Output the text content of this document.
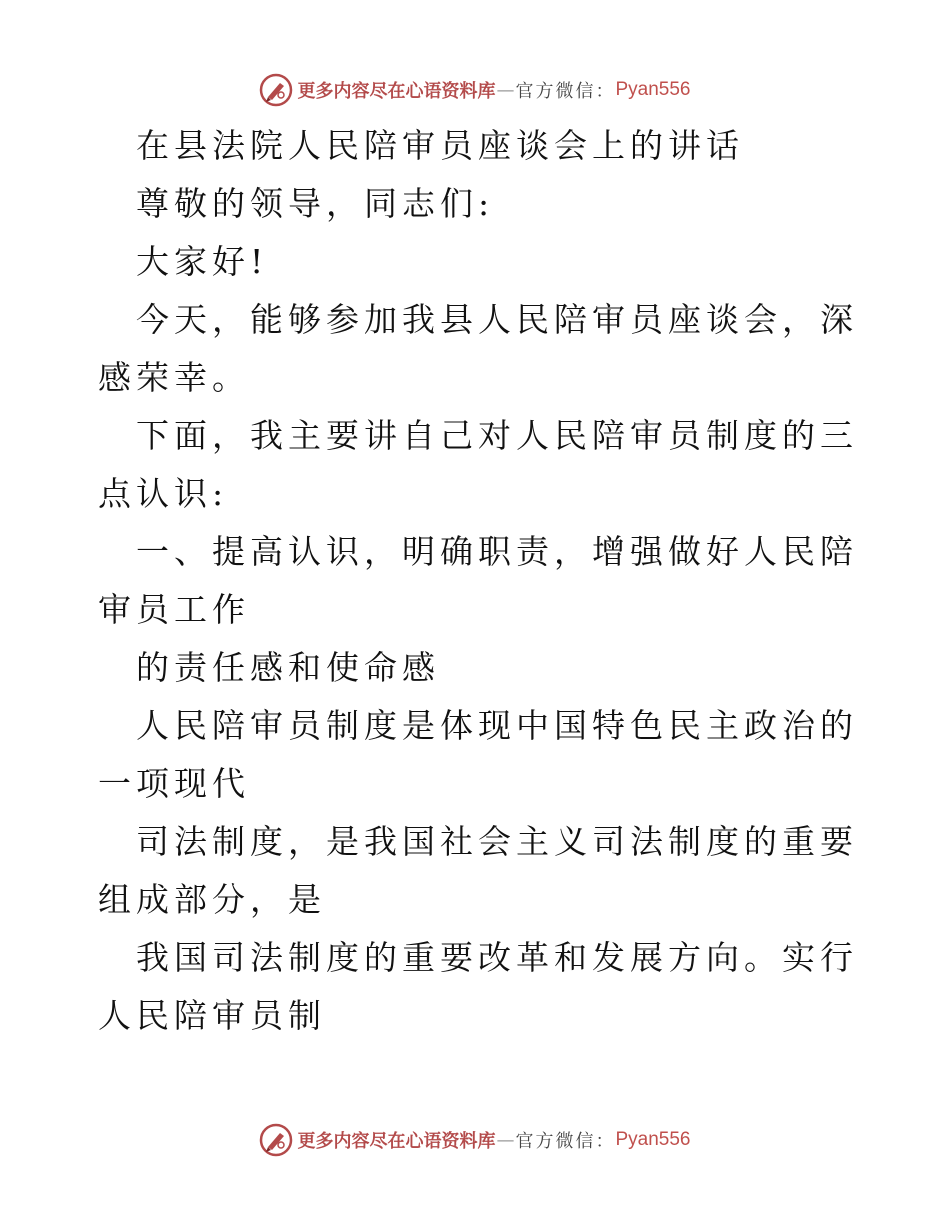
更多内容尽在心语资料库 — 官方微信： Pyan556

在县法院人民陪审员座谈会上的讲话

尊敬的领导，同志们:

大家好!

今天，能够参加我县人民陪审员座谈会，深感荣幸。

下面，我主要讲自己对人民陪审员制度的三点认识:

一、提高认识，明确职责，增强做好人民陪审员工作

的责任感和使命感

人民陪审员制度是体现中国特色民主政治的一项现代

司法制度，是我国社会主义司法制度的重要组成部分，是

我国司法制度的重要改革和发展方向。实行人民陪审员制

更多内容尽在心语资料库 — 官方微信： Pyan556
